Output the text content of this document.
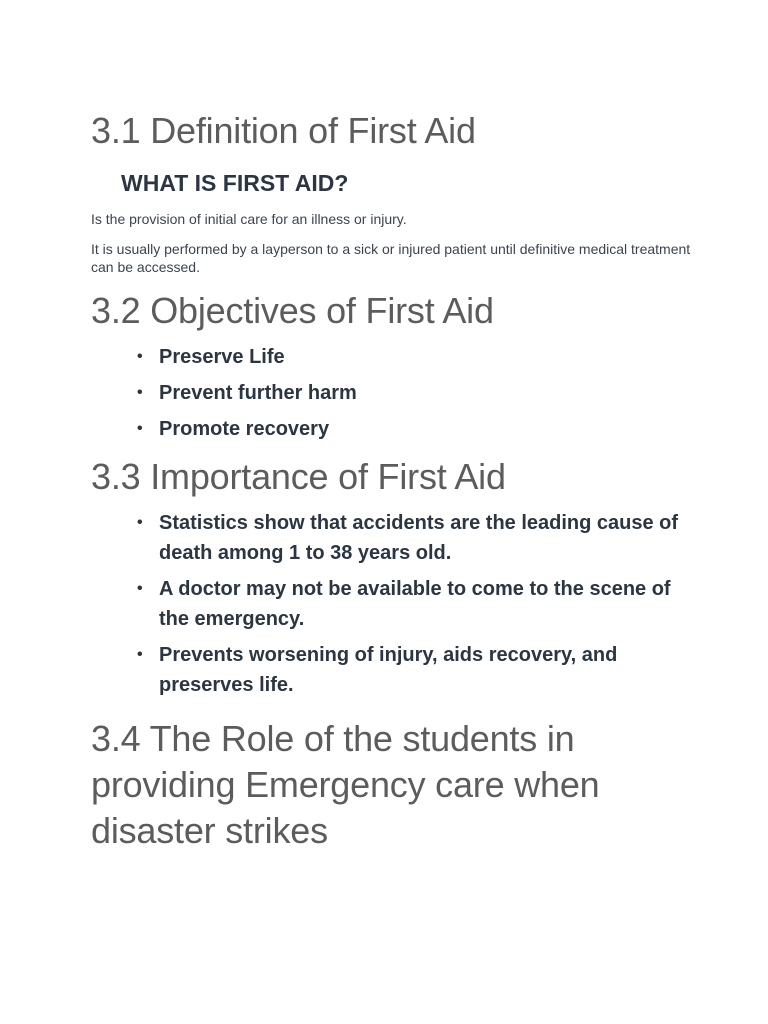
3.1 Definition of First Aid
WHAT IS FIRST AID?

Is the provision of initial care for an illness or injury.

It is usually performed by a layperson to a sick or injured patient until definitive medical treatment can be accessed.

3.2 Objectives of First Aid
• Preserve Life
• Prevent further harm
• Promote recovery
3.3 Importance of First Aid
• Statistics show that accidents are the leading cause of death among 1 to 38 years old.
• A doctor may not be available to come to the scene of the emergency.
• Prevents worsening of injury, aids recovery, and preserves life.
3.4 The Role of the students in providing Emergency care when disaster strikes
